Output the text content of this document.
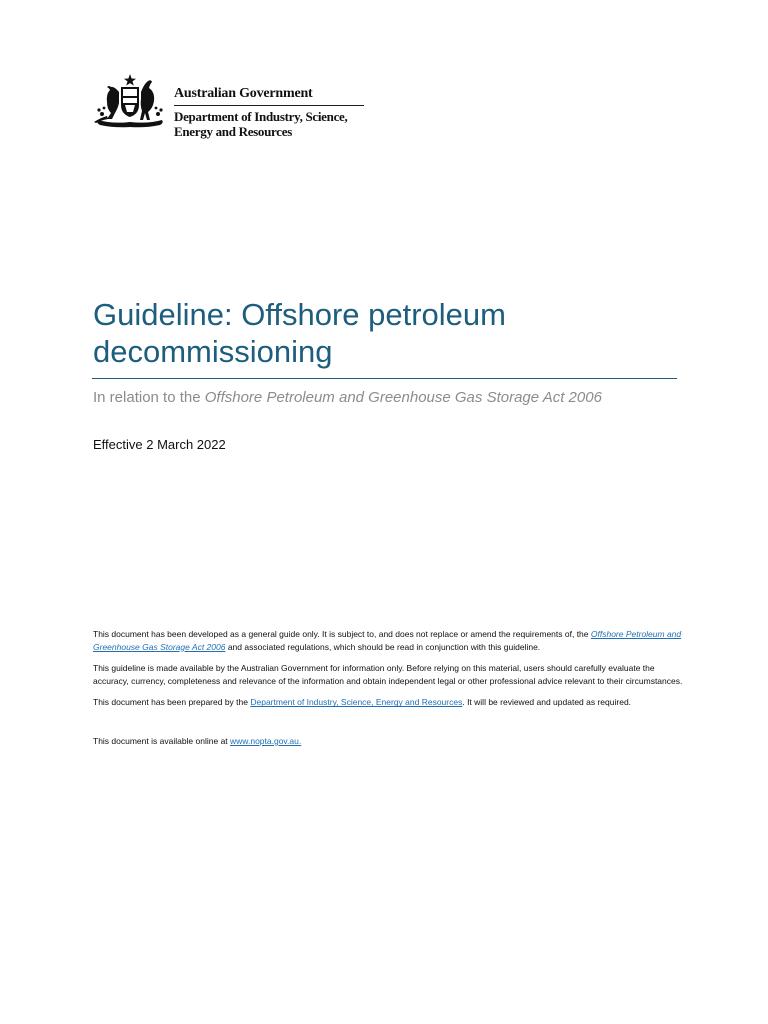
Australian Government
Department of Industry, Science,
Energy and Resources
Guideline: Offshore petroleum
decommissioning
In relation to the Offshore Petroleum and Greenhouse Gas Storage Act 2006
Effective 2 March 2022

This document has been developed as a general guide only. It is subject to, and does not replace or amend the requirements of, the Offshore Petroleum and Greenhouse Gas Storage Act 2006 and associated regulations, which should be read in conjunction with this guideline.

This guideline is made available by the Australian Government for information only. Before relying on this material, users should carefully evaluate the accuracy, currency, completeness and relevance of the information and obtain independent legal or other professional advice relevant to their circumstances.

This document has been prepared by the Department of Industry, Science, Energy and Resources. It will be reviewed and updated as required.

This document is available online at www.nopta.gov.au.
